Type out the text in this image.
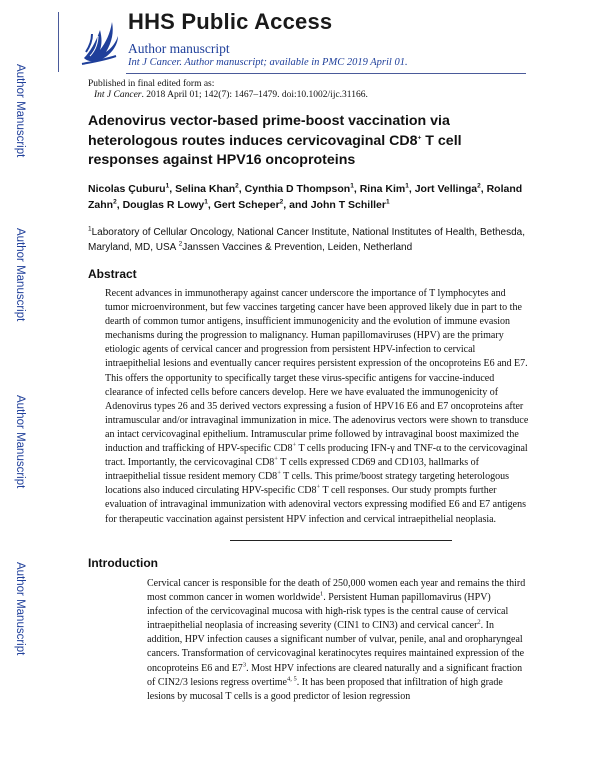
HHS Public Access
Author manuscript
Int J Cancer. Author manuscript; available in PMC 2019 April 01.
Published in final edited form as:
Int J Cancer. 2018 April 01; 142(7): 1467–1479. doi:10.1002/ijc.31166.
Author Manuscript
Author Manuscript
Author Manuscript
Author Manuscript
Adenovirus vector-based prime-boost vaccination via heterologous routes induces cervicovaginal CD8+ T cell responses against HPV16 oncoproteins
Nicolas Çuburu$^1$, Selina Khan$^2$, Cynthia D Thompson$^1$, Rina Kim$^1$, Jort Vellinga$^2$, Roland Zahn$^2$, Douglas R Lowy$^1$, Gert Scheper$^2$, and John T Schiller$^1$
$^1$Laboratory of Cellular Oncology, National Cancer Institute, National Institutes of Health, Bethesda, Maryland, MD, USA $^2$Janssen Vaccines & Prevention, Leiden, Netherland
Abstract

Recent advances in immunotherapy against cancer underscore the importance of T lymphocytes and tumor microenvironment, but few vaccines targeting cancer have been approved likely due in part to the dearth of common tumor antigens, insufficient immunogenicity and the evolution of immune evasion mechanisms during the progression to malignancy. Human papillomaviruses (HPV) are the primary etiologic agents of cervical cancer and progression from persistent HPV-infection to cervical intraepithelial lesions and eventually cancer requires persistent expression of the oncoproteins E6 and E7. This offers the opportunity to specifically target these virus-specific antigens for vaccine-induced clearance of infected cells before cancers develop. Here we have evaluated the immunogenicity of Adenovirus types 26 and 35 derived vectors expressing a fusion of HPV16 E6 and E7 oncoproteins after intramuscular and/or intravaginal immunization in mice. The adenovirus vectors were shown to transduce an intact cervicovaginal epithelium. Intramuscular prime followed by intravaginal boost maximized the induction and trafficking of HPV-specific CD8+ T cells producing IFN-γ and TNF-α to the cervicovaginal tract. Importantly, the cervicovaginal CD8+ T cells expressed CD69 and CD103, hallmarks of intraepithelial tissue resident memory CD8+ T cells. This prime/boost strategy targeting heterologous locations also induced circulating HPV-specific CD8+ T cell responses. Our study prompts further evaluation of intravaginal immunization with adenoviral vectors expressing modified E6 and E7 antigens for therapeutic vaccination against persistent HPV infection and cervical intraepithelial neoplasia.

Introduction

Cervical cancer is responsible for the death of 250,000 women each year and remains the third most common cancer in women worldwide$^1$. Persistent Human papillomavirus (HPV) infection of the cervicovaginal mucosa with high-risk types is the central cause of cervical intraepithelial neoplasia of increasing severity (CIN1 to CIN3) and cervical cancer$^2$. In addition, HPV infection causes a significant number of vulvar, penile, anal and oropharyngeal cancers. Transformation of cervicovaginal keratinocytes requires maintained expression of the oncoproteins E6 and $E7^3$. Most HPV infections are cleared naturally and a significant fraction of CIN2/3 lesions regress overtime$^{4, 5}$. It has been proposed that infiltration of high grade lesions by mucosal T cells is a good predictor of lesion regression
